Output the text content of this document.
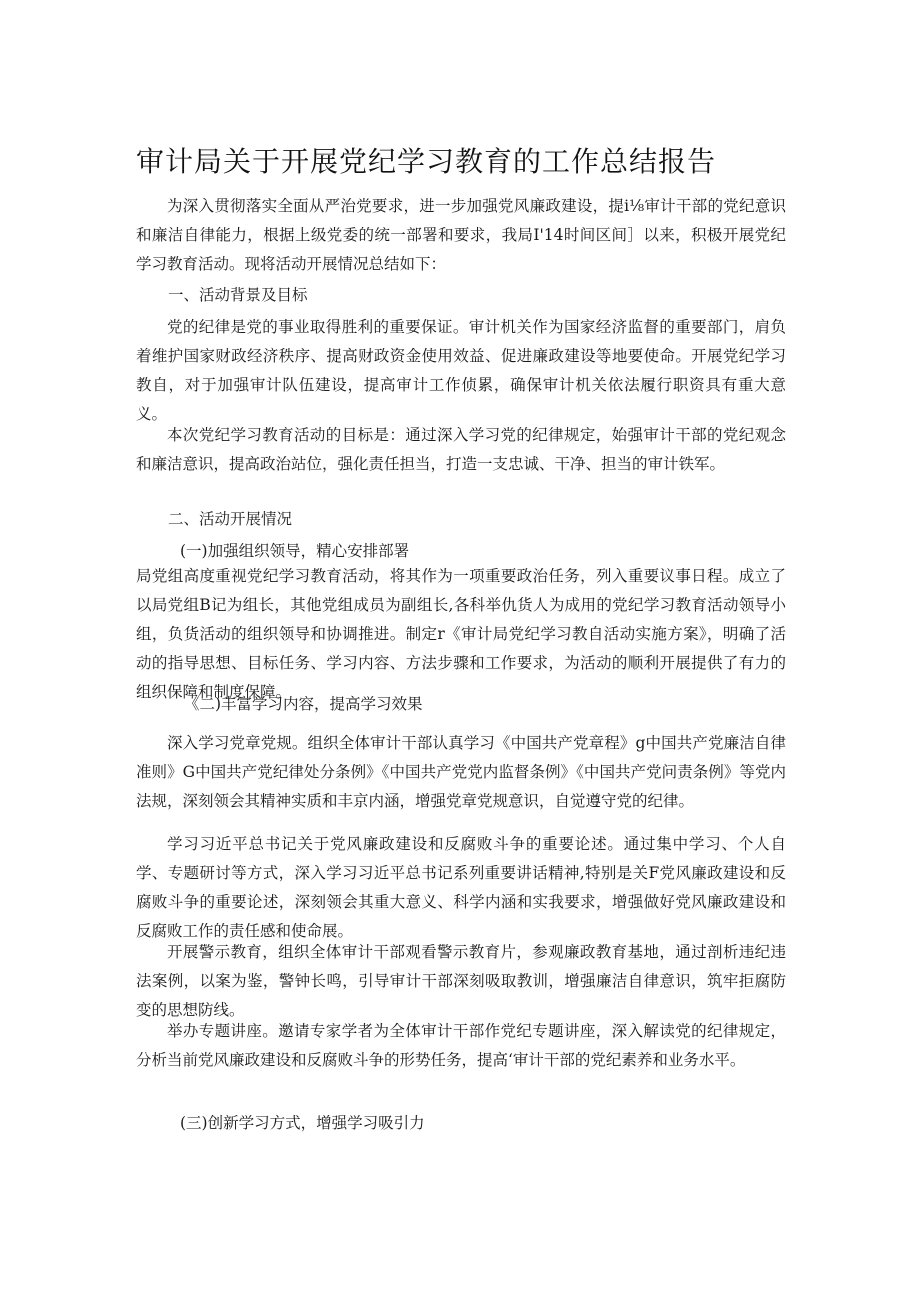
审计局关于开展党纪学习教育的工作总结报告
为深入贯彻落实全面从严治党要求，进一步加强党风廉政建设，提i⅛审计干部的党纪意识和廉洁自律能力，根据上级党委的统一部署和要求，我局I'14时间区间］以来，积极开展党纪学习教育活动。现将活动开展情况总结如下：
一、活动背景及目标
党的纪律是党的事业取得胜利的重要保证。审计机关作为国家经济监督的重要部门，肩负着维护国家财政经济秩序、提高财政资金使用效益、促进廉政建设等地要使命。开展党纪学习教自，对于加强审计队伍建设，提高审计工作侦累，确保审计机关依法履行职资具有重大意义。
本次党纪学习教育活动的目标是：通过深入学习党的纪律规定，始强审计干部的党纪观念和廉洁意识，提高政治站位，强化责任担当，打造一支忠诚、干净、担当的审计铁军。
二、活动开展情况
(一)加强组织领导，精心安排部署
局党组高度重视党纪学习教育活动，将其作为一项重要政治任务，列入重要议事日程。成立了以局党组B记为组长，其他党组成员为副组长,各科举仇货人为成用的党纪学习教育活动领导小组，负货活动的组织领导和协调推进。制定r《审计局党纪学习教自活动实施方案》，明确了活动的指导思想、目标任务、学习内容、方法步骤和工作要求，为活动的顺利开展提供了有力的组织保障和制度保障。
《二)丰富学习内容，提高学习效果
深入学习党章党规。组织全体审计干部认真学习《中国共产党章程》g中国共产党廉洁自律准则》G中国共产党纪律处分条例》《中国共产党党内监督条例》《中国共产党问责条例》等党内法规，深刻领会其精神实质和丰京内涵，增强党章党规意识，自觉遵守党的纪律。
学习习近平总书记关于党风廉政建设和反腐败斗争的重要论述。通过集中学习、个人自学、专题研讨等方式，深入学习习近平总书记系列重要讲话精神,特别是关F党风廉政建设和反腐败斗争的重要论述，深刻领会其重大意义、科学内涵和实我要求，增强做好党风廉政建设和反腐败工作的责任感和使命展。
开展警示教育，组织全体审计干部观看警示教育片，参观廉政教育基地，通过剖析违纪违法案例，以案为鉴，警钟长鸣，引导审计干部深刻吸取教训，增强廉洁自律意识，筑牢拒腐防变的思想防线。
举办专题讲座。邀请专家学者为全体审计干部作党纪专题讲座，深入解读党的纪律规定，分析当前党风廉政建设和反腐败斗争的形势任务，提高‘审计干部的党纪素养和业务水平。
(三)创新学习方式，增强学习吸引力
